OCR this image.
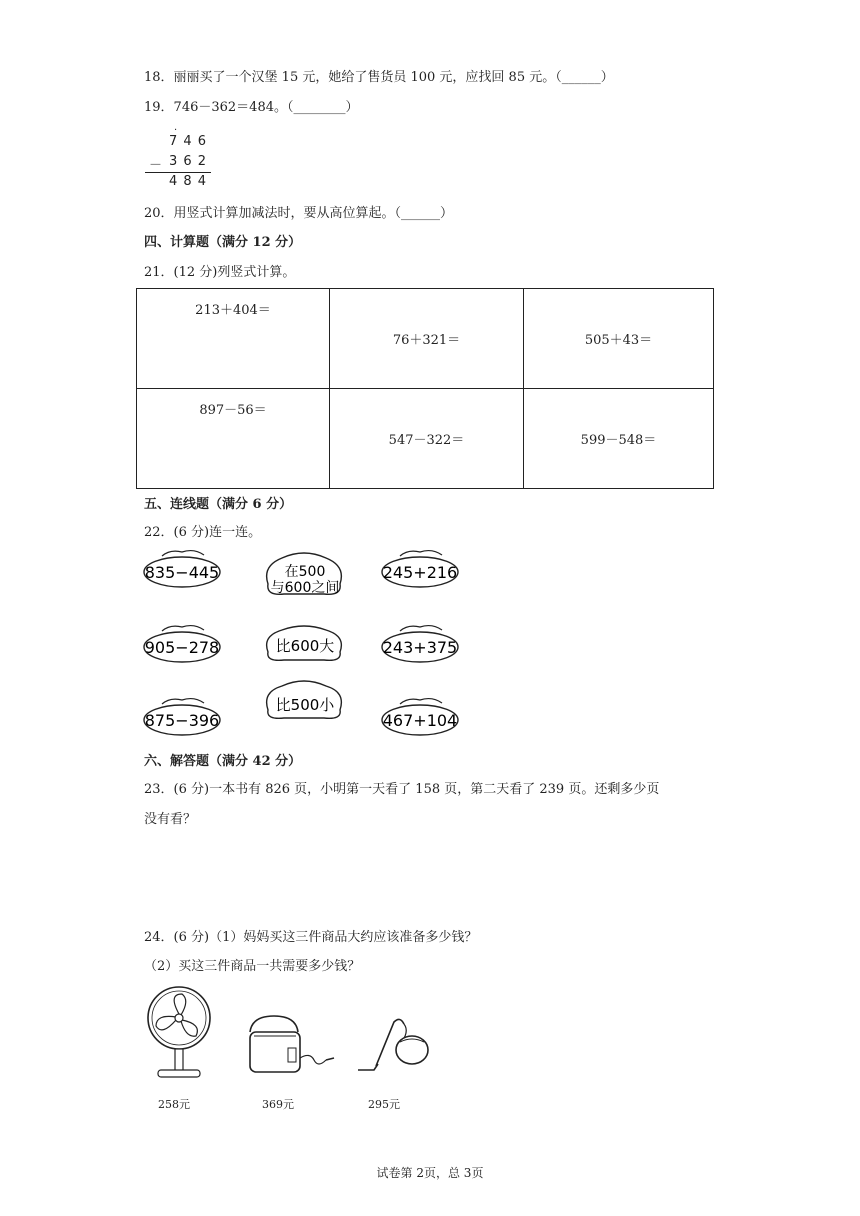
18．丽丽买了一个汉堡 15 元，她给了售货员 100 元，应找回 85 元。（______）
19．746－362＝484。（________）
.
7 4 6
－ 3 6 2
4 8 4
20．用竖式计算加减法时，要从高位算起。（______）
四、计算题（满分 12 分）
21．(12 分)列竖式计算。
213＋404＝	76＋321＝	505＋43＝
897－56＝	547－322＝	599－548＝
五、连线题（满分 6 分）
22．(6 分)连一连。
835−445
905−278
875−396
在500
与600之间
比600大
比500小
245+216
243+375
467+104
六、解答题（满分 42 分）
23．(6 分)一本书有 826 页，小明第一天看了 158 页，第二天看了 239 页。还剩多少页
没有看？
24．(6 分)（1）妈妈买这三件商品大约应该准备多少钱？
（2）买这三件商品一共需要多少钱？
258元	369元	295元
试卷第 2页，总 3页
